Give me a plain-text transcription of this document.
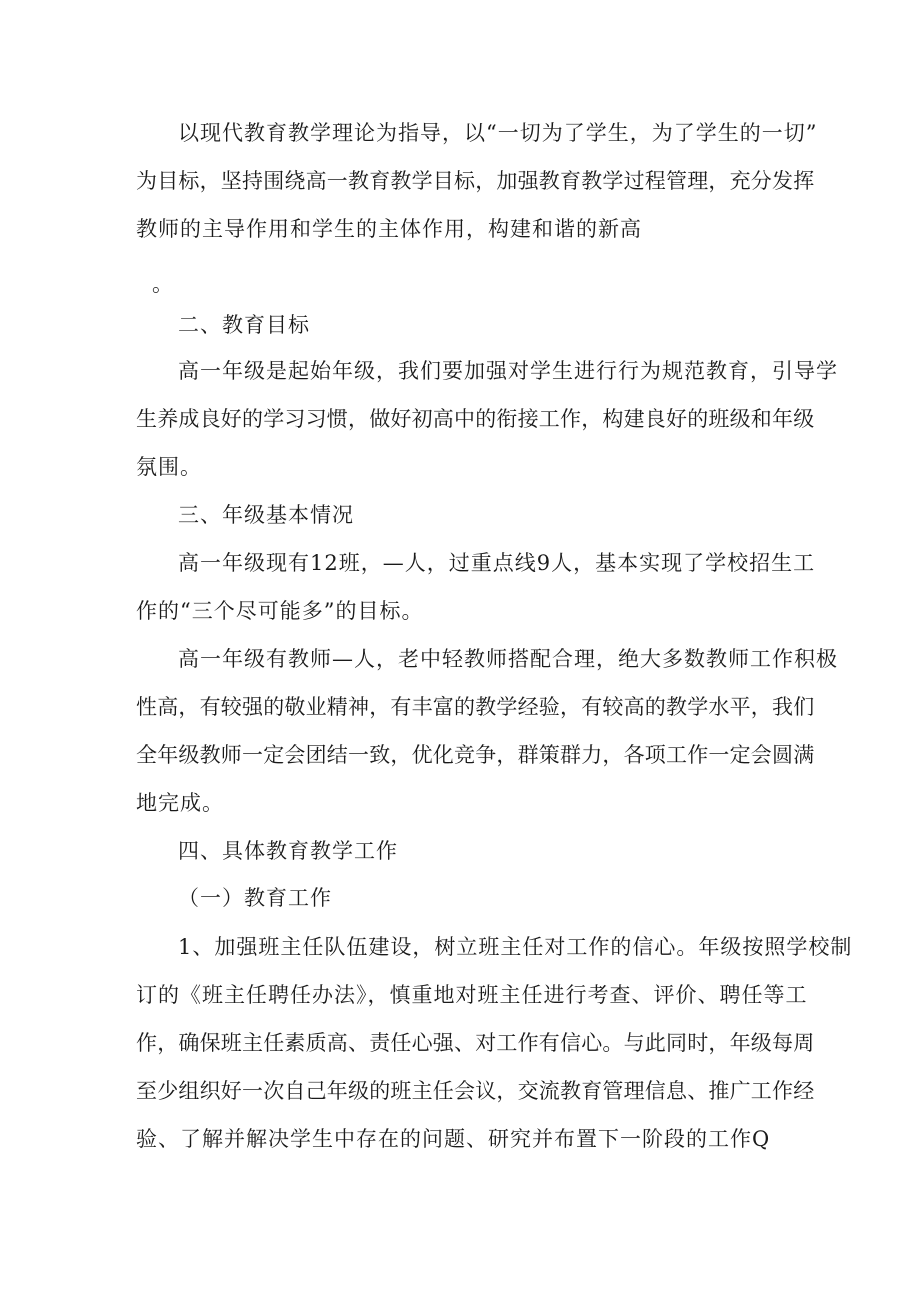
以现代教育教学理论为指导，以“一切为了学生，为了学生的一切”
为目标，坚持围绕高一教育教学目标，加强教育教学过程管理，充分发挥
教师的主导作用和学生的主体作用，构建和谐的新高
。
二、教育目标
高一年级是起始年级，我们要加强对学生进行行为规范教育，引导学
生养成良好的学习习惯，做好初高中的衔接工作，构建良好的班级和年级
氛围。
三、年级基本情况
高一年级现有12班，—人，过重点线9人，基本实现了学校招生工
作的“三个尽可能多”的目标。
高一年级有教师—人，老中轻教师搭配合理，绝大多数教师工作积极
性高，有较强的敬业精神，有丰富的教学经验，有较高的教学水平，我们
全年级教师一定会团结一致，优化竞争，群策群力，各项工作一定会圆满
地完成。
四、具体教育教学工作
（一）教育工作
1、加强班主任队伍建设，树立班主任对工作的信心。年级按照学校制
订的《班主任聘任办法》，慎重地对班主任进行考查、评价、聘任等工
作，确保班主任素质高、责任心强、对工作有信心。与此同时，年级每周
至少组织好一次自己年级的班主任会议，交流教育管理信息、推广工作经
验、了解并解决学生中存在的问题、研究并布置下一阶段的工作Q
